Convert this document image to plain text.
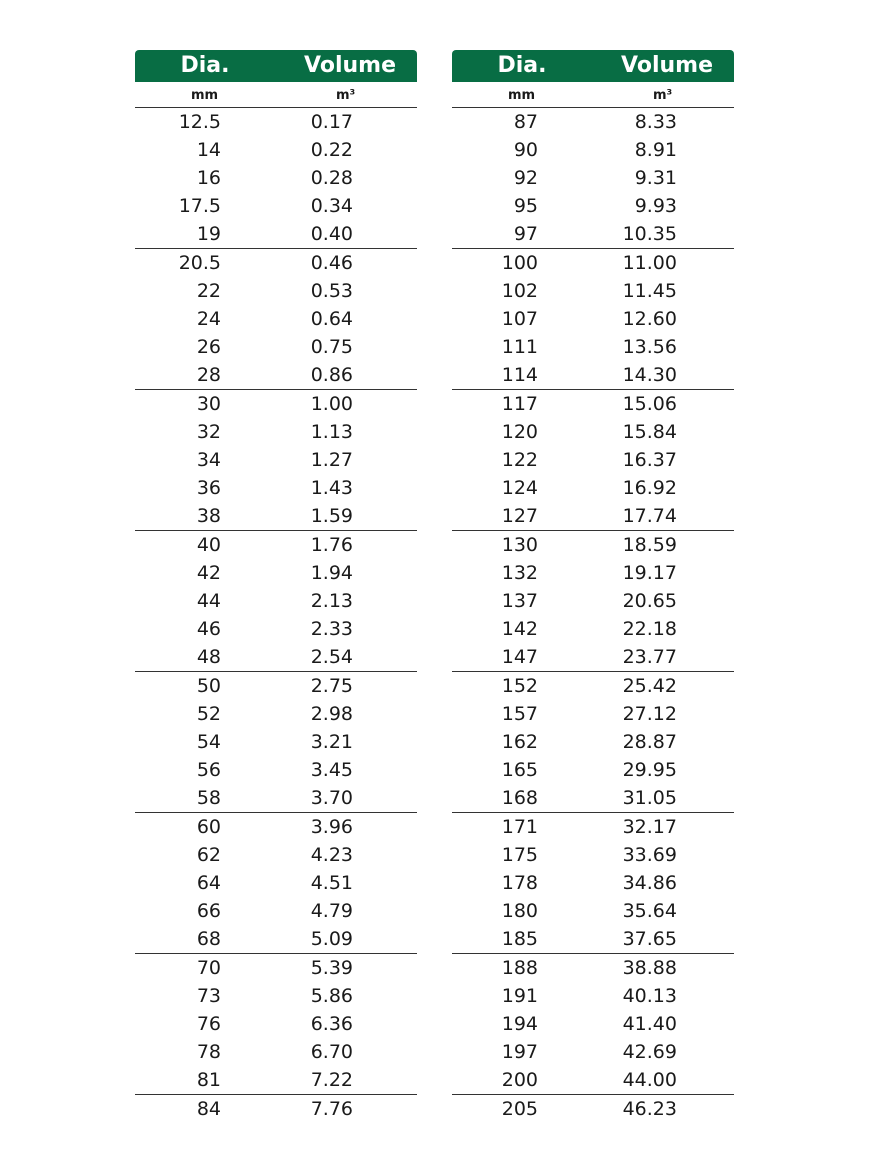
Dia.	Volume
mm	m³
12.5	0.17
14	0.22
16	0.28
17.5	0.34
19	0.40
20.5	0.46
22	0.53
24	0.64
26	0.75
28	0.86
30	1.00
32	1.13
34	1.27
36	1.43
38	1.59
40	1.76
42	1.94
44	2.13
46	2.33
48	2.54
50	2.75
52	2.98
54	3.21
56	3.45
58	3.70
60	3.96
62	4.23
64	4.51
66	4.79
68	5.09
70	5.39
73	5.86
76	6.36
78	6.70
81	7.22
84	7.76
Dia.	Volume
mm	m³
87	8.33
90	8.91
92	9.31
95	9.93
97	10.35
100	11.00
102	11.45
107	12.60
111	13.56
114	14.30
117	15.06
120	15.84
122	16.37
124	16.92
127	17.74
130	18.59
132	19.17
137	20.65
142	22.18
147	23.77
152	25.42
157	27.12
162	28.87
165	29.95
168	31.05
171	32.17
175	33.69
178	34.86
180	35.64
185	37.65
188	38.88
191	40.13
194	41.40
197	42.69
200	44.00
205	46.23
